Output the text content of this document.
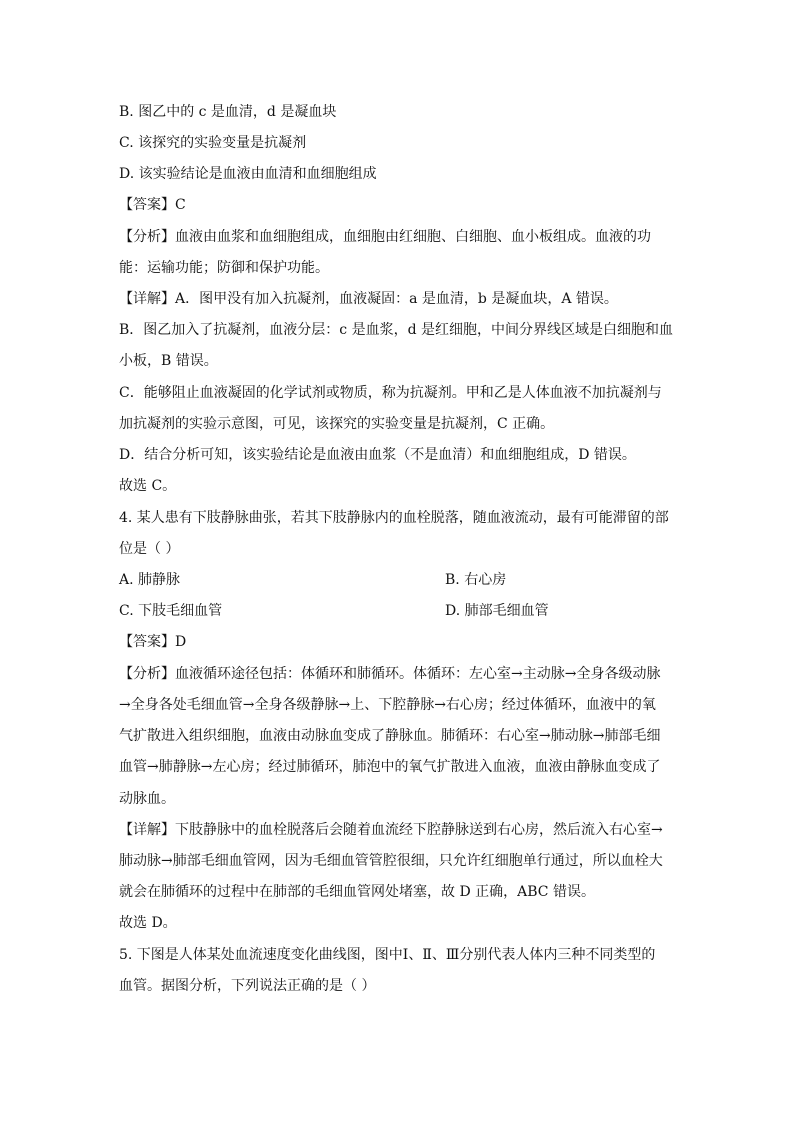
B. 图乙中的 c 是血清，d 是凝血块
C. 该探究的实验变量是抗凝剂
D. 该实验结论是血液由血清和血细胞组成
【答案】C
【分析】血液由血浆和血细胞组成，血细胞由红细胞、白细胞、血小板组成。血液的功
能：运输功能；防御和保护功能。
【详解】A．图甲没有加入抗凝剂，血液凝固：a 是血清，b 是凝血块，A 错误。
B．图乙加入了抗凝剂，血液分层：c 是血浆，d 是红细胞，中间分界线区域是白细胞和血
小板，B 错误。
C．能够阻止血液凝固的化学试剂或物质，称为抗凝剂。甲和乙是人体血液不加抗凝剂与
加抗凝剂的实验示意图，可见，该探究的实验变量是抗凝剂，C 正确。
D．结合分析可知，该实验结论是血液由血浆（不是血清）和血细胞组成，D 错误。
故选 C。
4. 某人患有下肢静脉曲张，若其下肢静脉内的血栓脱落，随血液流动，最有可能滞留的部
位是（ ）
A. 肺静脉	B. 右心房
C. 下肢毛细血管	D. 肺部毛细血管
【答案】D
【分析】血液循环途径包括：体循环和肺循环。体循环：左心室→主动脉→全身各级动脉
→全身各处毛细血管→全身各级静脉→上、下腔静脉→右心房；经过体循环，血液中的氧
气扩散进入组织细胞，血液由动脉血变成了静脉血。肺循环：右心室→肺动脉→肺部毛细
血管→肺静脉→左心房；经过肺循环，肺泡中的氧气扩散进入血液，血液由静脉血变成了
动脉血。
【详解】下肢静脉中的血栓脱落后会随着血流经下腔静脉送到右心房，然后流入右心室→
肺动脉→肺部毛细血管网，因为毛细血管管腔很细，只允许红细胞单行通过，所以血栓大
就会在肺循环的过程中在肺部的毛细血管网处堵塞，故 D 正确，ABC 错误。
故选 D。
5. 下图是人体某处血流速度变化曲线图，图中Ⅰ、Ⅱ、Ⅲ分别代表人体内三种不同类型的
血管。据图分析，下列说法正确的是（ ）
